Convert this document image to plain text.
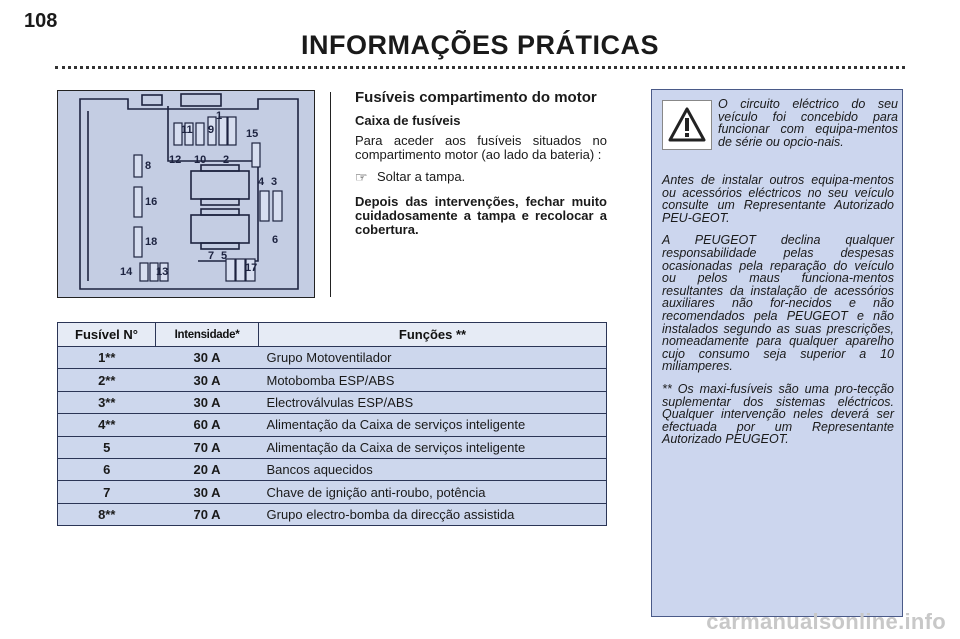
108
INFORMAÇÕES PRÁTICAS
1
11 9	15
12 10 2
8
16
4 3
18	6
7 5
17
14 13
Fusíveis compartimento do motor
Caixa de fusíveis
Para aceder aos fusíveis situados no compartimento motor (ao lado da bateria) :
☞ Soltar a tampa.
Depois das intervenções, fechar muito cuidadosamente a tampa e recolocar a cobertura.
Fusível N°	Intensidade*	Funções **
1**	30 A	Grupo Motoventilador
2**	30 A	Motobomba ESP/ABS
3**	30 A	Electroválvulas ESP/ABS
4**	60 A	Alimentação da Caixa de serviços inteligente
5	70 A	Alimentação da Caixa de serviços inteligente
6	20 A	Bancos aquecidos
7	30 A	Chave de ignição anti-roubo, potência
8**	70 A	Grupo electro-bomba da direcção assistida
O circuito eléctrico do seu veículo foi concebido para funcionar com equipa-mentos de série ou opcio-nais.
Antes de instalar outros equipa-mentos ou acessórios eléctricos no seu veículo consulte um Representante Autorizado PEU-GEOT.
A PEUGEOT declina qualquer responsabilidade pelas despesas ocasionadas pela reparação do veículo ou pelos maus funciona-mentos resultantes da instalação de acessórios auxiliares não for-necidos e não recomendados pela PEUGEOT e não instalados segundo as suas prescrições, nomeadamente para qualquer aparelho cujo consumo seja superior a 10 miliamperes.
** Os maxi-fusíveis são uma pro-tecção suplementar dos sistemas eléctricos. Qualquer intervenção neles deverá ser efectuada por um Representante Autorizado PEUGEOT.
carmanualsonline.info
